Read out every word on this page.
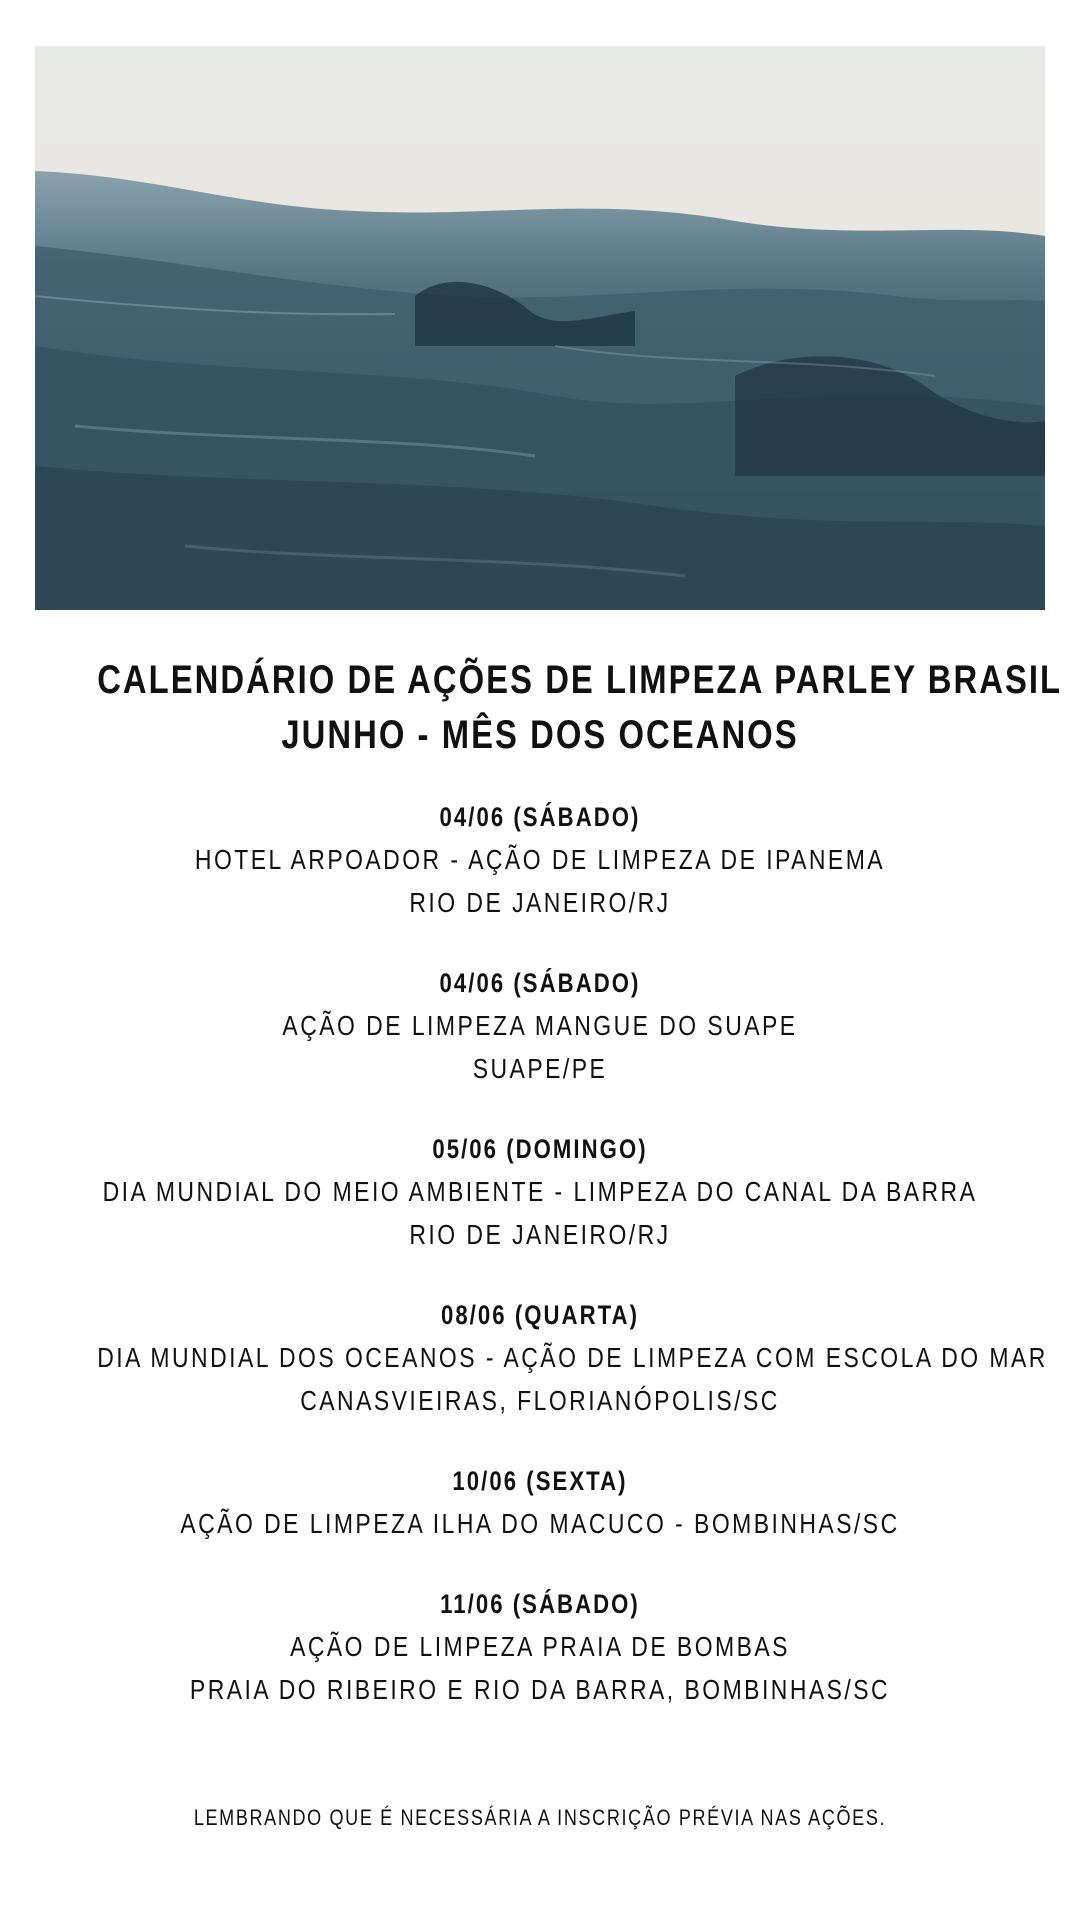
CALENDÁRIO DE AÇÕES DE LIMPEZA PARLEY BRASIL
JUNHO - MÊS DOS OCEANOS
04/06 (SÁBADO)
HOTEL ARPOADOR - AÇÃO DE LIMPEZA DE IPANEMA
RIO DE JANEIRO/RJ
04/06 (SÁBADO)
AÇÃO DE LIMPEZA MANGUE DO SUAPE
SUAPE/PE
05/06 (DOMINGO)
DIA MUNDIAL DO MEIO AMBIENTE - LIMPEZA DO CANAL DA BARRA
RIO DE JANEIRO/RJ
08/06 (QUARTA)
DIA MUNDIAL DOS OCEANOS - AÇÃO DE LIMPEZA COM ESCOLA DO MAR
CANASVIEIRAS, FLORIANÓPOLIS/SC
10/06 (SEXTA)
AÇÃO DE LIMPEZA ILHA DO MACUCO - BOMBINHAS/SC
11/06 (SÁBADO)
AÇÃO DE LIMPEZA PRAIA DE BOMBAS
PRAIA DO RIBEIRO E RIO DA BARRA, BOMBINHAS/SC
LEMBRANDO QUE É NECESSÁRIA A INSCRIÇÃO PRÉVIA NAS AÇÕES.
